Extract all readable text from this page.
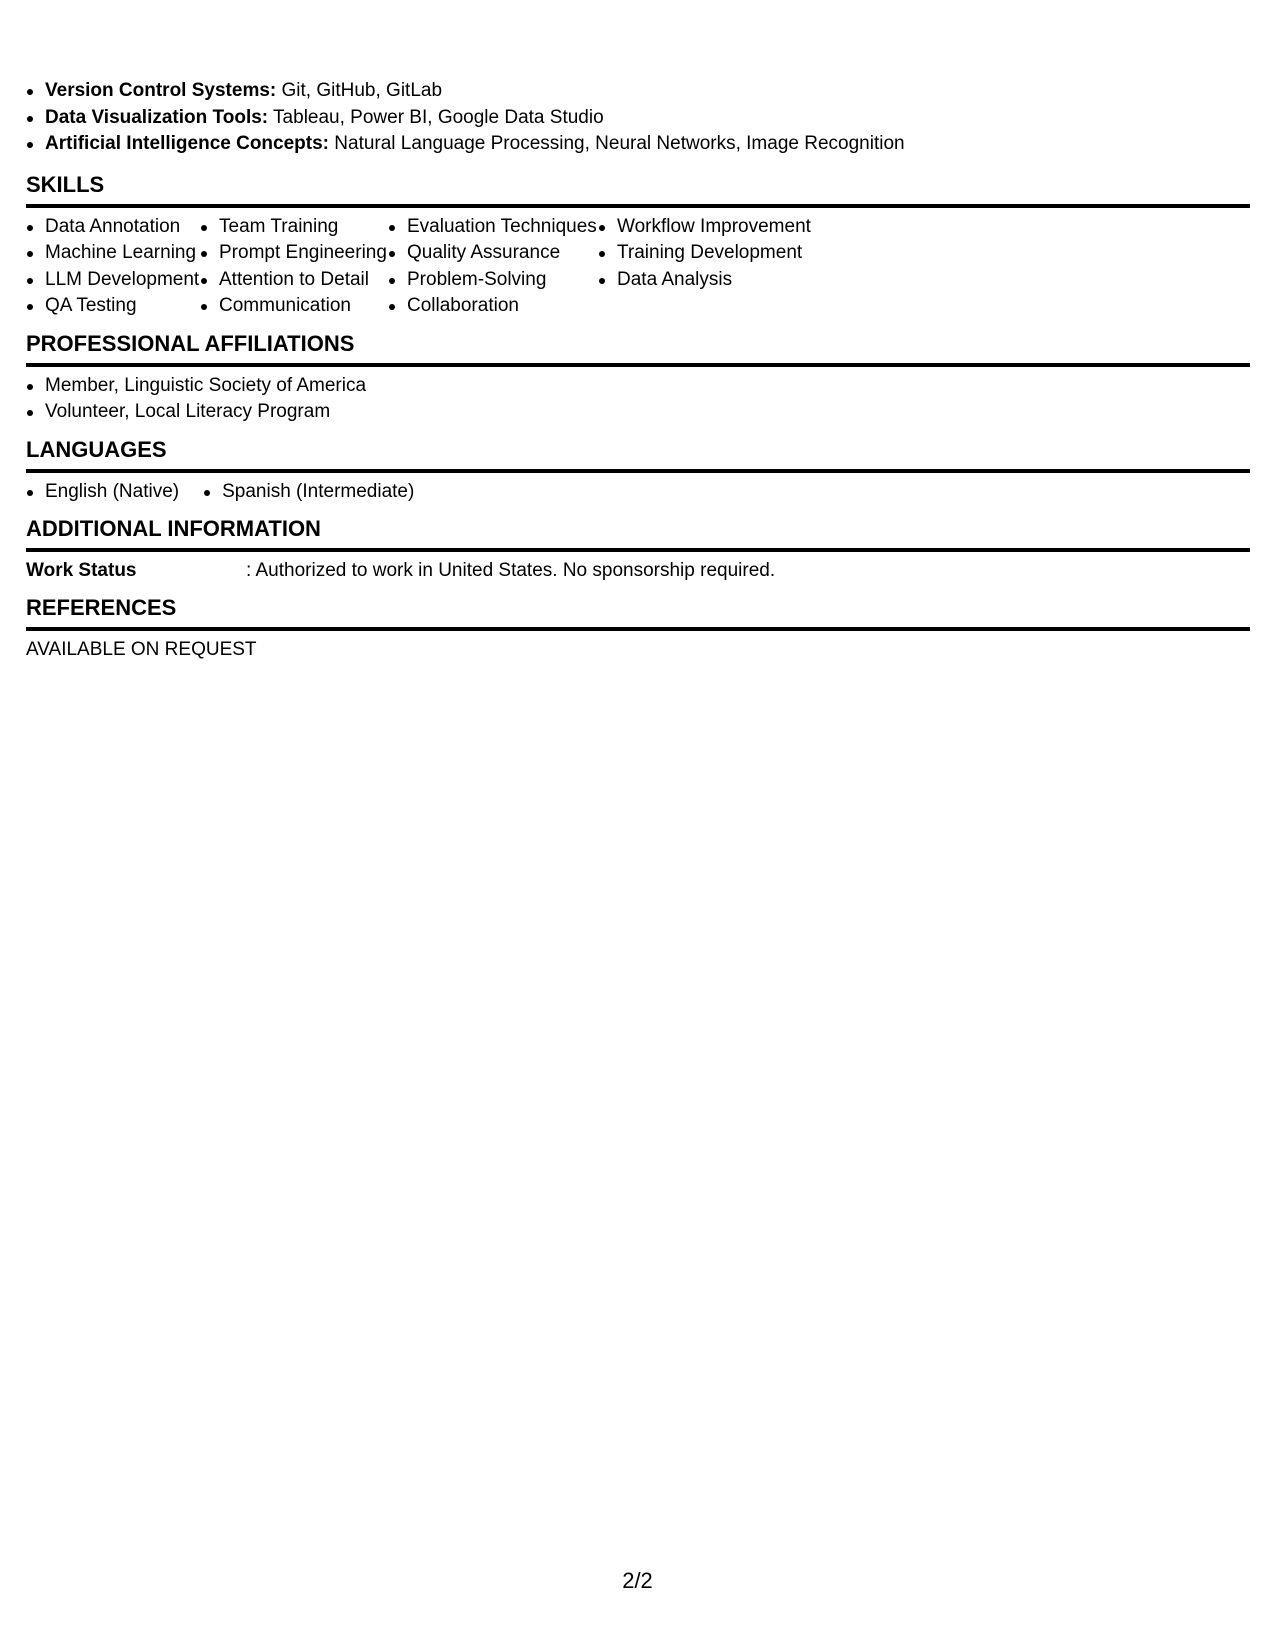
Version Control Systems: Git, GitHub, GitLab
Data Visualization Tools: Tableau, Power BI, Google Data Studio
Artificial Intelligence Concepts: Natural Language Processing, Neural Networks, Image Recognition
SKILLS
Data Annotation
Machine Learning
LLM Development
QA Testing
Team Training
Prompt Engineering
Attention to Detail
Communication
Evaluation Techniques
Quality Assurance
Problem-Solving
Collaboration
Workflow Improvement
Training Development
Data Analysis
PROFESSIONAL AFFILIATIONS
Member, Linguistic Society of America
Volunteer, Local Literacy Program
LANGUAGES
English (Native)	Spanish (Intermediate)
ADDITIONAL INFORMATION
Work Status	: Authorized to work in United States. No sponsorship required.
REFERENCES
AVAILABLE ON REQUEST
2/2
